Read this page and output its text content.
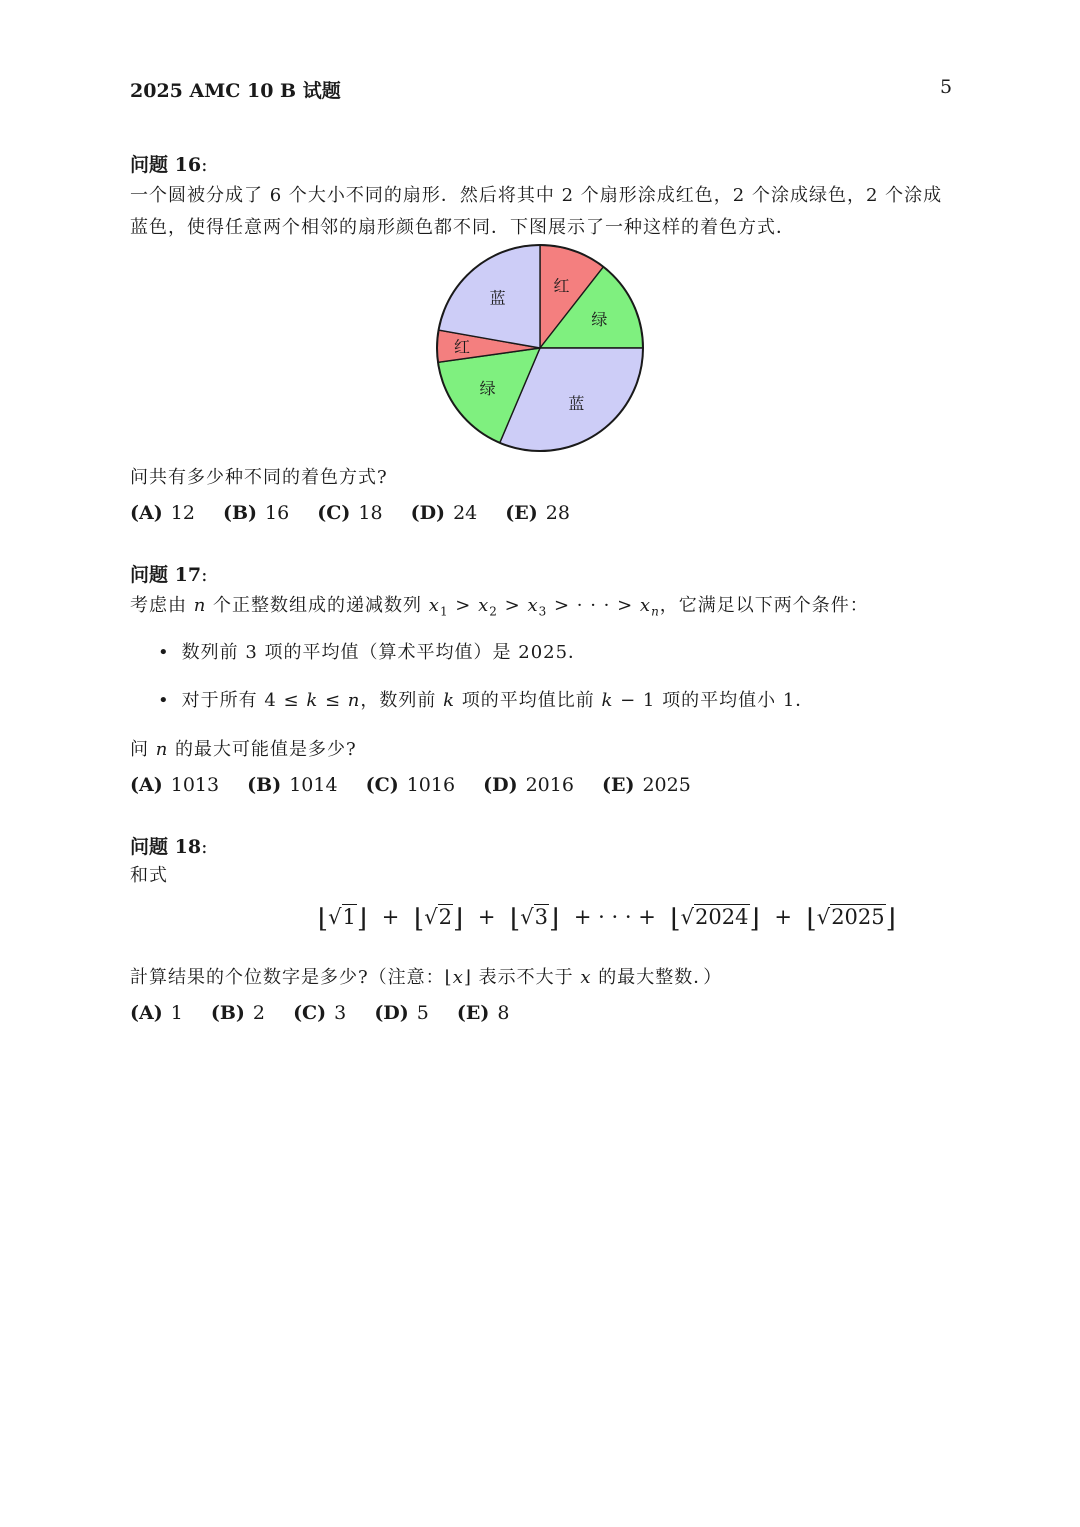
2025 AMC 10 B 试题	5
问题 16:
一个圆被分成了 6 个大小不同的扇形．然后将其中 2 个扇形涂成红色，2 个涂成绿色，2 个涂成
蓝色，使得任意两个相邻的扇形颜色都不同．下图展示了一种这样的着色方式．
红
绿
蓝
绿
红
蓝
问共有多少种不同的着色方式?
(A) 12 (B) 16 (C) 18 (D) 24 (E) 28
问题 17:
考虑由 n 个正整数组成的递减数列 $x_1 > x_2 > x_3$ > · · · > $x_n$，它满足以下两个条件：
• 数列前 3 项的平均值（算术平均值）是 2025．
• 对于所有 4 ≤ k ≤ n，数列前 k 项的平均值比前 k − 1 项的平均值小 1．
问 n 的最大可能值是多少?
(A) 1013 (B) 1014 (C) 1016 (D) 2016 (E) 2025
问题 18:
和式
⌊√1⌋ + ⌊√2⌋ + ⌊√3⌋ + · · · + ⌊√2024⌋ + ⌊√2025⌋
計算结果的个位数字是多少?（注意：⌊x⌋ 表示不大于 x 的最大整数．）
(A) 1 (B) 2 (C) 3 (D) 5 (E) 8
